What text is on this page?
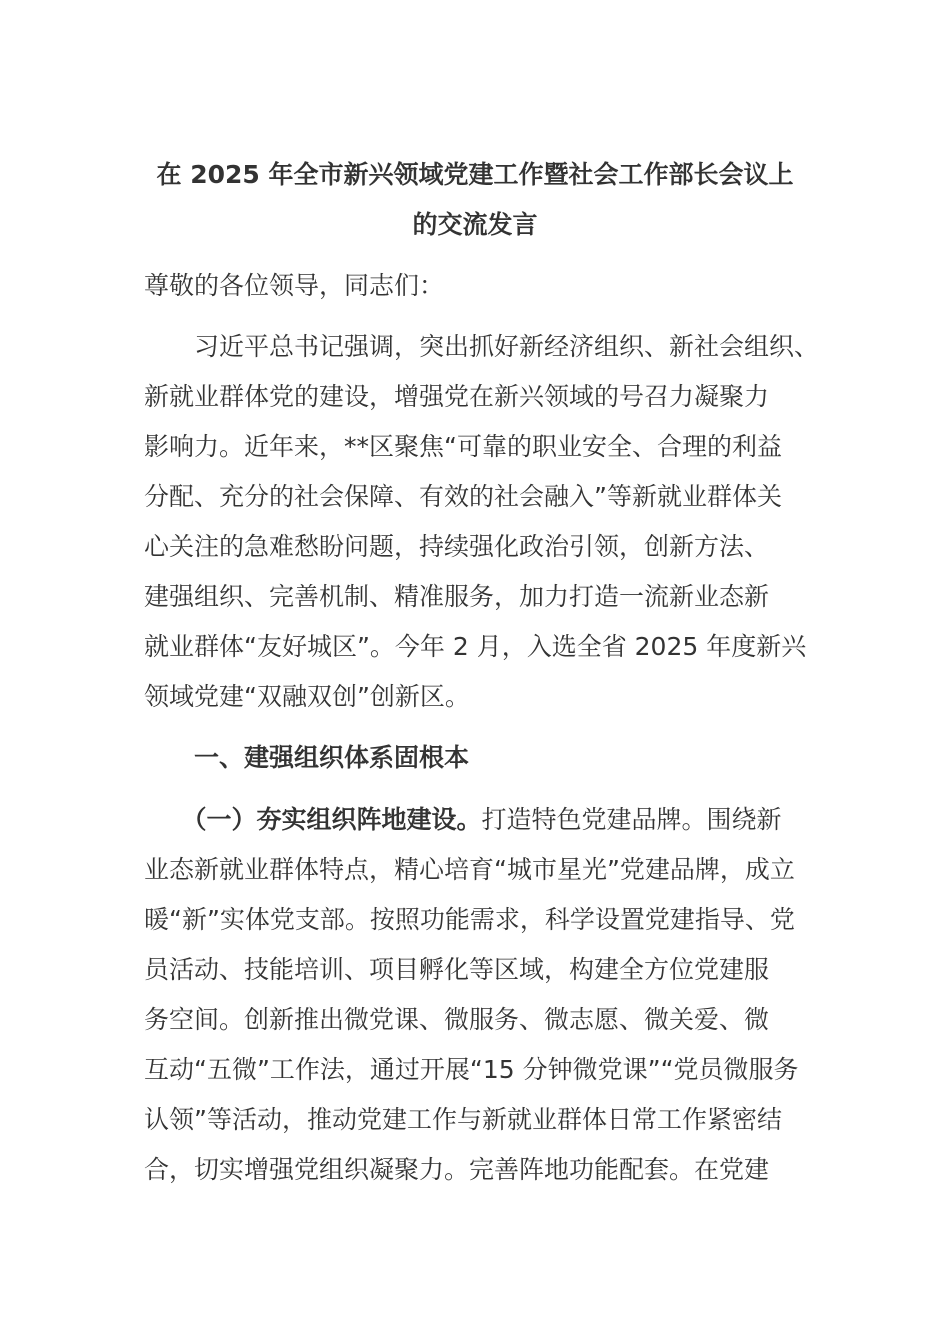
在 2025 年全市新兴领域党建工作暨社会工作部长会议上
的交流发言
尊敬的各位领导，同志们：
　　习近平总书记强调，突出抓好新经济组织、新社会组织、
新就业群体党的建设，增强党在新兴领域的号召力凝聚力
影响力。近年来，**区聚焦“可靠的职业安全、合理的利益
分配、充分的社会保障、有效的社会融入”等新就业群体关
心关注的急难愁盼问题，持续强化政治引领，创新方法、
建强组织、完善机制、精准服务，加力打造一流新业态新
就业群体“友好城区”。今年 2 月，入选全省 2025 年度新兴
领域党建“双融双创”创新区。
　　一、建强组织体系固根本
　　（一）夯实组织阵地建设。打造特色党建品牌。围绕新
业态新就业群体特点，精心培育“城市星光”党建品牌，成立
暖“新”实体党支部。按照功能需求，科学设置党建指导、党
员活动、技能培训、项目孵化等区域，构建全方位党建服
务空间。创新推出微党课、微服务、微志愿、微关爱、微
互动“五微”工作法，通过开展“15 分钟微党课”“党员微服务
认领”等活动，推动党建工作与新就业群体日常工作紧密结
合，切实增强党组织凝聚力。完善阵地功能配套。在党建
